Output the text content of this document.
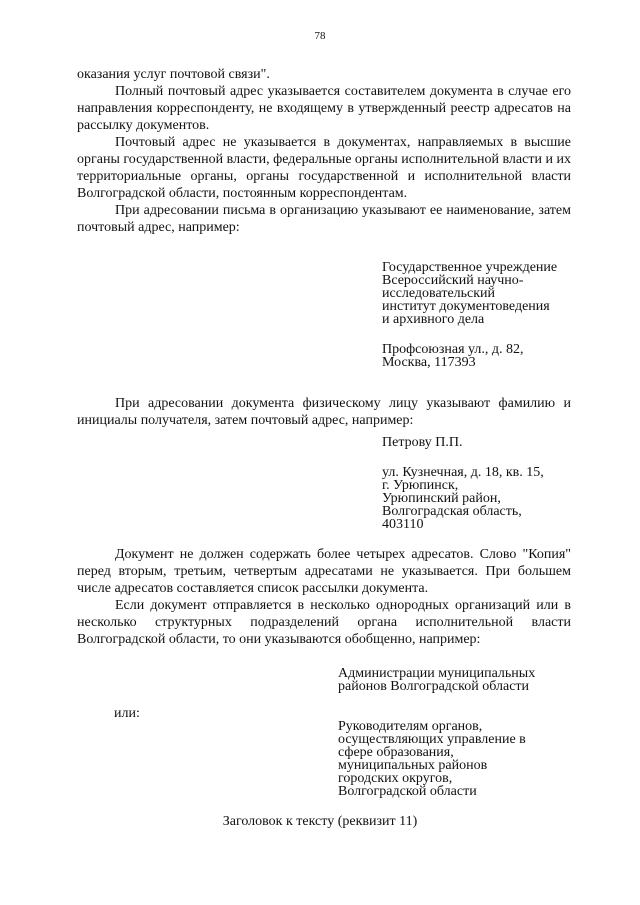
78

оказания услуг почтовой связи".

Полный почтовый адрес указывается составителем документа в случае его направления корреспонденту, не входящему в утвержденный реестр адресатов на рассылку документов.

Почтовый адрес не указывается в документах, направляемых в высшие органы государственной власти, федеральные органы исполнительной власти и их территориальные органы, органы государственной и исполнительной власти Волгоградской области, постоянным корреспондентам.

При адресовании письма в организацию указывают ее наименование, затем почтовый адрес, например:

Государственное учреждение
Всероссийский научно-
исследовательский
институт документоведения
и архивного дела
Профсоюзная ул., д. 82,
Москва, 117393

При адресовании документа физическому лицу указывают фамилию и инициалы получателя, затем почтовый адрес, например:

Петрову П.П.
ул. Кузнечная, д. 18, кв. 15,
г. Урюпинск,
Урюпинский район,
Волгоградская область,
403110

Документ не должен содержать более четырех адресатов. Слово "Копия" перед вторым, третьим, четвертым адресатами не указывается. При большем числе адресатов составляется список рассылки документа.

Если документ отправляется в несколько однородных организаций или в несколько структурных подразделений органа исполнительной власти Волгоградской области, то они указываются обобщенно, например:

Администрации муниципальных
районов Волгоградской области
или:
Руководителям органов,
осуществляющих управление в
сфере образования,
муниципальных районов
городских округов,
Волгоградской области
Заголовок к тексту (реквизит 11)
